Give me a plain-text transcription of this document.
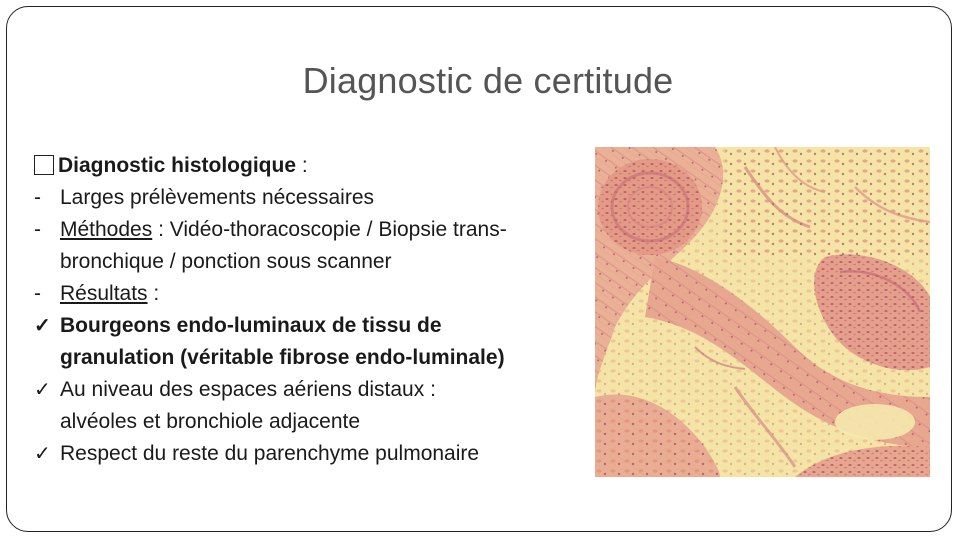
Diagnostic de certitude
Diagnostic histologique :
- Larges prélèvements nécessaires
- Méthodes : Vidéo-thoracoscopie / Biopsie trans-
bronchique / ponction sous scanner
- Résultats :
✓ Bourgeons endo-luminaux de tissu de
granulation (véritable fibrose endo-luminale)
✓ Au niveau des espaces aériens distaux :
alvéoles et bronchiole adjacente
✓ Respect du reste du parenchyme pulmonaire
